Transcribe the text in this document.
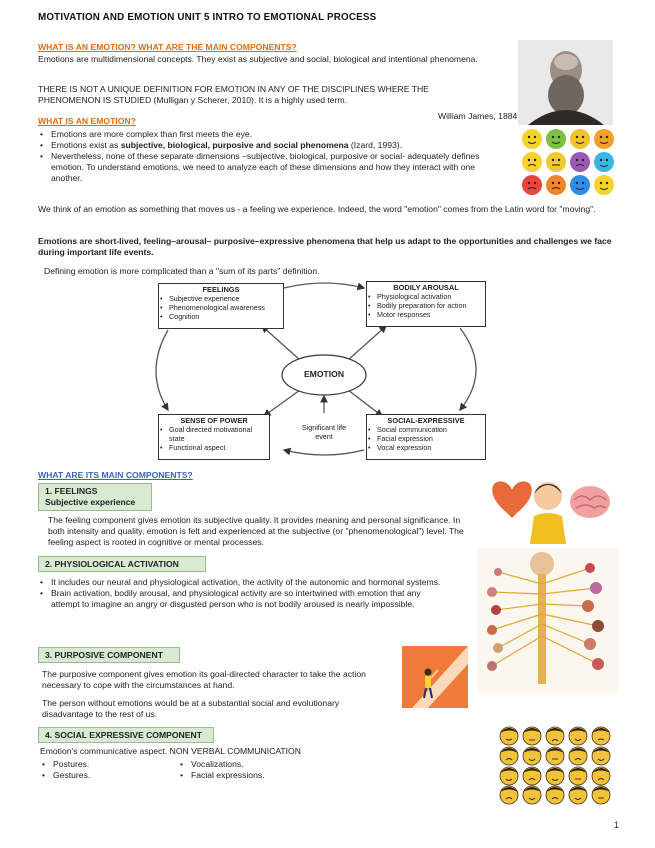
MOTIVATION AND EMOTION UNIT 5 INTRO TO EMOTIONAL PROCESS
WHAT IS AN EMOTION? WHAT ARE THE MAIN COMPONENTS?
Emotions are multidimensional concepts. They exist as subjective and social, biological and intentional phenomena.
THERE IS NOT A UNIQUE DEFINITION FOR EMOTION IN ANY OF THE DISCIPLINES WHERE THE PHENOMENON IS STUDIED (Mulligan y Scherer, 2010). It is a highly used term.
William James, 1884
WHAT IS AN EMOTION?
• Emotions are more complex than first meets the eye.
• Emotions exist as subjective, biological, purposive and social phenomena (Izard, 1993).
• Nevertheless, none of these separate dimensions –subjective, biological, purposive or social- adequately defines emotion. To understand emotions, we need to analyze each of these dimensions and how they interact with one another.
We think of an emotion as something that moves us - a feeling we experience. Indeed, the word "emotion" comes from the Latin word for "moving".
Emotions are short-lived, feeling–arousal– purposive–expressive phenomena that help us adapt to the opportunities and challenges we face during important life events.
Defining emotion is more complicated than a "sum of its parts" definition.
EMOTION
FEELINGS
• Subjective experience
• Phenomenological awareness
• Cognition
BODILY AROUSAL
• Physiological activation
• Bodily preparation for action
• Motor responses
SENSE OF POWER
• Goal directed motivational state
• Functional aspect
SOCIAL-EXPRESSIVE
• Social communication
• Facial expression
• Vocal expression
Significant life event
WHAT ARE ITS MAIN COMPONENTS?
1. FEELINGS
Subjective experience
The feeling component gives emotion its subjective quality. It provides meaning and personal significance. In both intensity and quality, emotion is felt and experienced at the subjective (or "phenomenological") level. The feeling aspect is rooted in cognitive or mental processes.
2. PHYSIOLOGICAL ACTIVATION
• It includes our neural and physiological activation, the activity of the autonomic and hormonal systems.
• Brain activation, bodily arousal, and physiological activity are so intertwined with emotion that any attempt to imagine an angry or disgusted person who is not bodily aroused is nearly impossible.
3. PURPOSIVE COMPONENT
The purposive component gives emotion its goal-directed character to take the action necessary to cope with the circumstances at hand.
The person without emotions would be at a substantial social and evolutionary disadvantage to the rest of us.
4. SOCIAL EXPRESSIVE COMPONENT
Emotion's communicative aspect. NON VERBAL COMMUNICATION
• Postures.
• Gestures.
• Vocalizations.
• Facial expressions.
1
